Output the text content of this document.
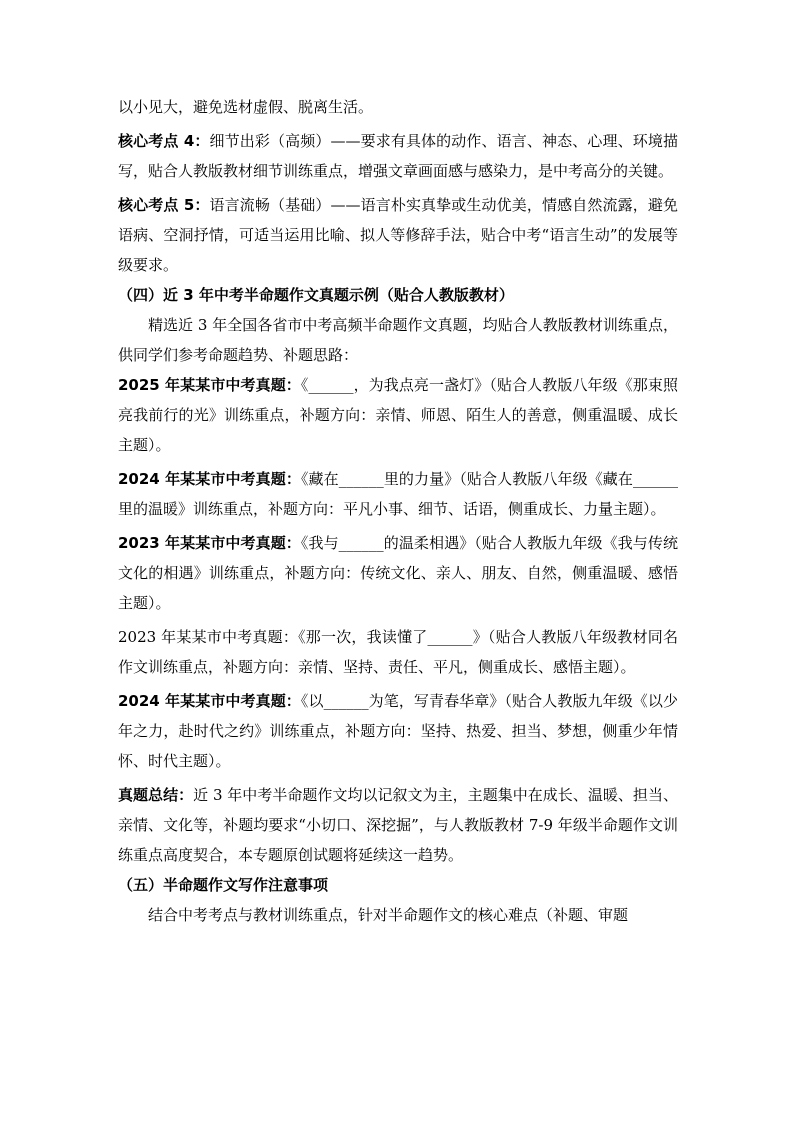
以小见大，避免选材虚假、脱离生活。

核心考点 4：细节出彩（高频）——要求有具体的动作、语言、神态、心理、环境描写，贴合人教版教材细节训练重点，增强文章画面感与感染力，是中考高分的关键。

核心考点 5：语言流畅（基础）——语言朴实真挚或生动优美，情感自然流露，避免语病、空洞抒情，可适当运用比喻、拟人等修辞手法，贴合中考“语言生动”的发展等级要求。

（四）近 3 年中考半命题作文真题示例（贴合人教版教材）

精选近 3 年全国各省市中考高频半命题作文真题，均贴合人教版教材训练重点，供同学们参考命题趋势、补题思路：

2025 年某某市中考真题：《______，为我点亮一盏灯》（贴合人教版八年级《那束照亮我前行的光》训练重点，补题方向：亲情、师恩、陌生人的善意，侧重温暖、成长主题）。

2024 年某某市中考真题：《藏在______里的力量》（贴合人教版八年级《藏在______里的温暖》训练重点，补题方向：平凡小事、细节、话语，侧重成长、力量主题）。

2023 年某某市中考真题：《我与______的温柔相遇》（贴合人教版九年级《我与传统文化的相遇》训练重点，补题方向：传统文化、亲人、朋友、自然，侧重温暖、感悟主题）。

2023 年某某市中考真题：《那一次，我读懂了______》（贴合人教版八年级教材同名作文训练重点，补题方向：亲情、坚持、责任、平凡，侧重成长、感悟主题）。

2024 年某某市中考真题：《以______为笔，写青春华章》（贴合人教版九年级《以少年之力，赴时代之约》训练重点，补题方向：坚持、热爱、担当、梦想，侧重少年情怀、时代主题）。

真题总结：近 3 年中考半命题作文均以记叙文为主，主题集中在成长、温暖、担当、亲情、文化等，补题均要求“小切口、深挖掘”，与人教版教材 7-9 年级半命题作文训练重点高度契合，本专题原创试题将延续这一趋势。

（五）半命题作文写作注意事项

结合中考考点与教材训练重点，针对半命题作文的核心难点（补题、审题
